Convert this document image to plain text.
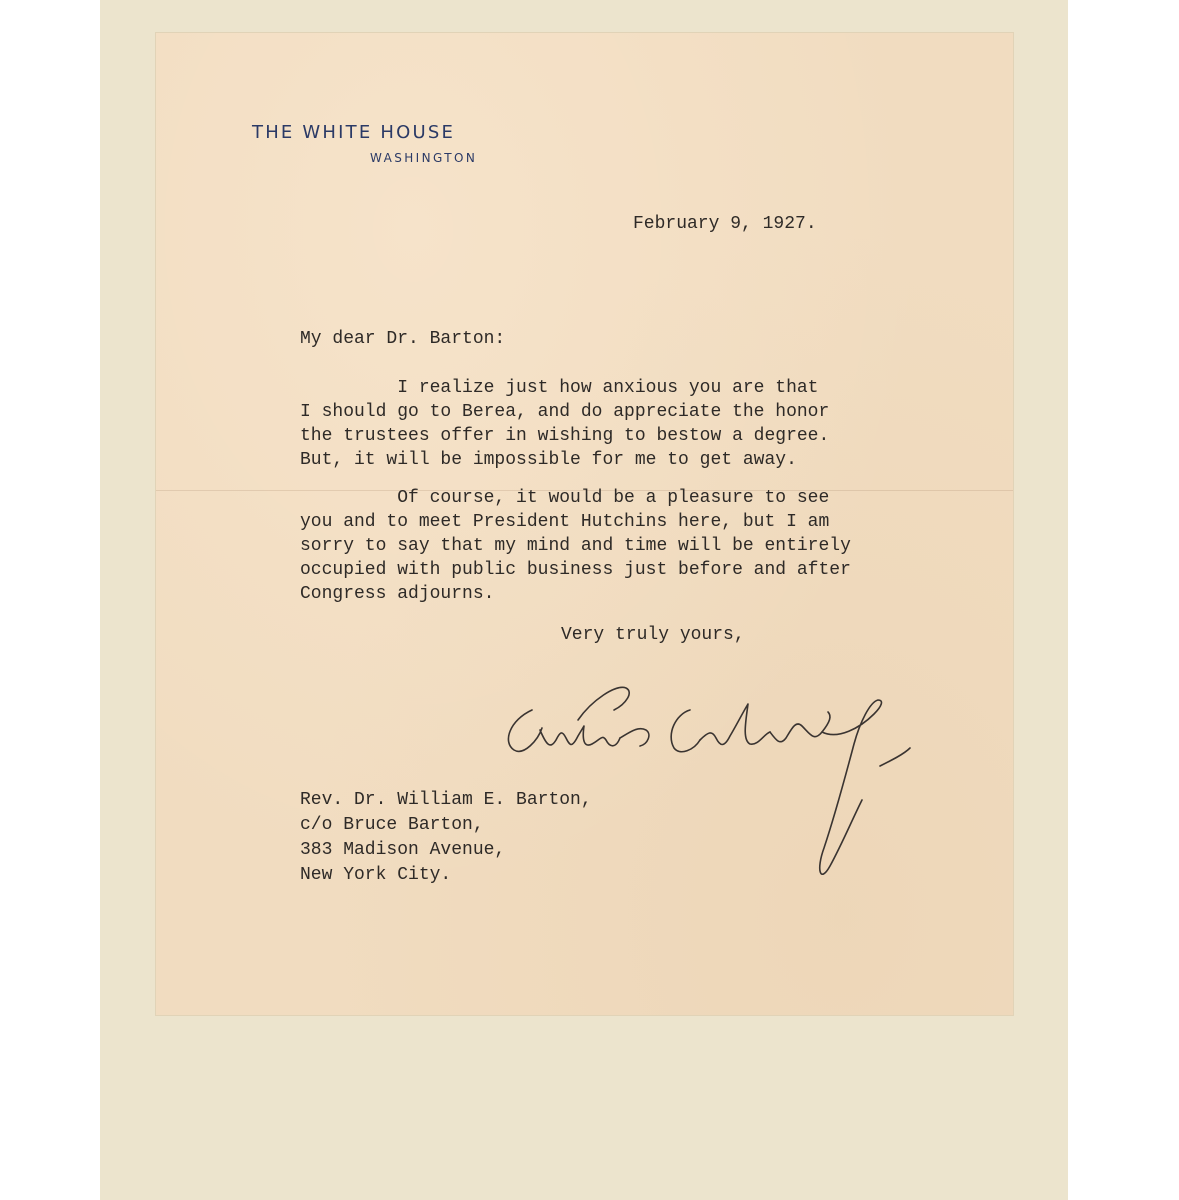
THE WHITE HOUSE
WASHINGTON
February 9, 1927.
My dear Dr. Barton:
I realize just how anxious you are that
I should go to Berea, and do appreciate the honor
the trustees offer in wishing to bestow a degree.
But, it will be impossible for me to get away.
Of course, it would be a pleasure to see
you and to meet President Hutchins here, but I am
sorry to say that my mind and time will be entirely
occupied with public business just before and after
Congress adjourns.
Very truly yours,
Rev. Dr. William E. Barton,
c/o Bruce Barton,
383 Madison Avenue,
New York City.
